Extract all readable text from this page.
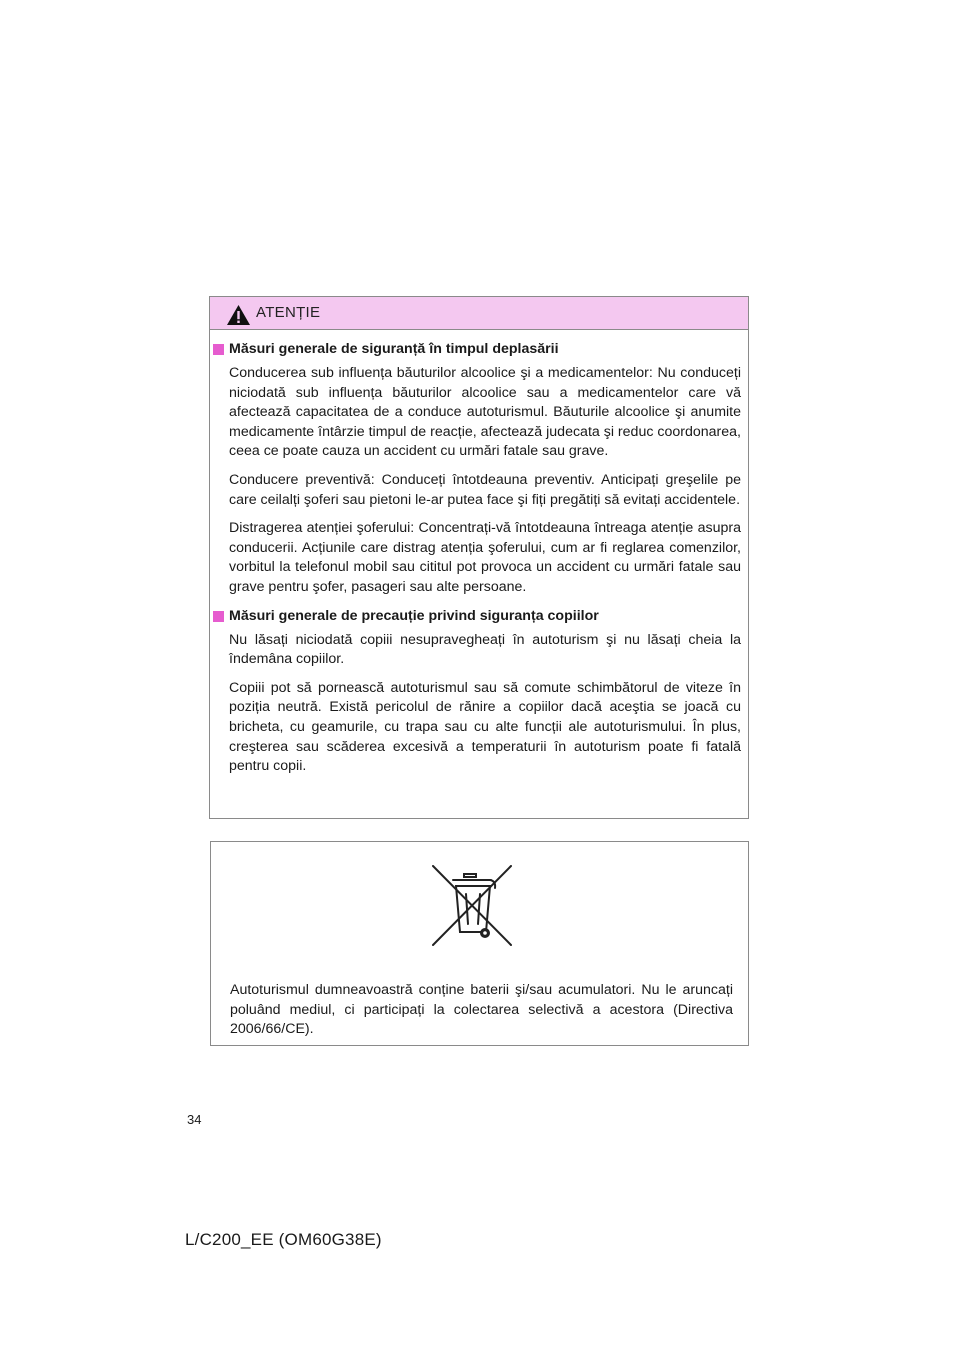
ATENȚIE
Măsuri generale de siguranță în timpul deplasării

Conducerea sub influența băuturilor alcoolice şi a medicamentelor: Nu conduceți niciodată sub influența băuturilor alcoolice sau a medicamentelor care vă afectează capacitatea de a conduce autoturismul. Băuturile alcoolice şi anumite medicamente întârzie timpul de reacție, afectează judecata şi reduc coordonarea, ceea ce poate cauza un accident cu urmări fatale sau grave.

Conducere preventivă: Conduceți întotdeauna preventiv. Anticipați greşelile pe care ceilalți şoferi sau pietoni le-ar putea face şi fiți pregătiți să evitați accidentele.

Distragerea atenției şoferului: Concentrați-vă întotdeauna întreaga atenție asupra conducerii. Acțiunile care distrag atenția şoferului, cum ar fi reglarea comenzilor, vorbitul la telefonul mobil sau cititul pot provoca un accident cu urmări fatale sau grave pentru şofer, pasageri sau alte persoane.

Măsuri generale de precauție privind siguranța copiilor

Nu lăsați niciodată copiii nesupravegheați în autoturism şi nu lăsați cheia la îndemâna copiilor.

Copiii pot să pornească autoturismul sau să comute schimbătorul de viteze în poziția neutră. Există pericolul de rănire a copiilor dacă aceştia se joacă cu bricheta, cu geamurile, cu trapa sau cu alte funcții ale autoturismului. În plus, creşterea sau scăderea excesivă a temperaturii în autoturism poate fi fatală pentru copii.

Autoturismul dumneavoastră conține baterii şi/sau acumulatori. Nu le aruncați poluând mediul, ci participați la colectarea selectivă a acestora (Directiva 2006/66/CE).

34
L/C200_EE (OM60G38E)
